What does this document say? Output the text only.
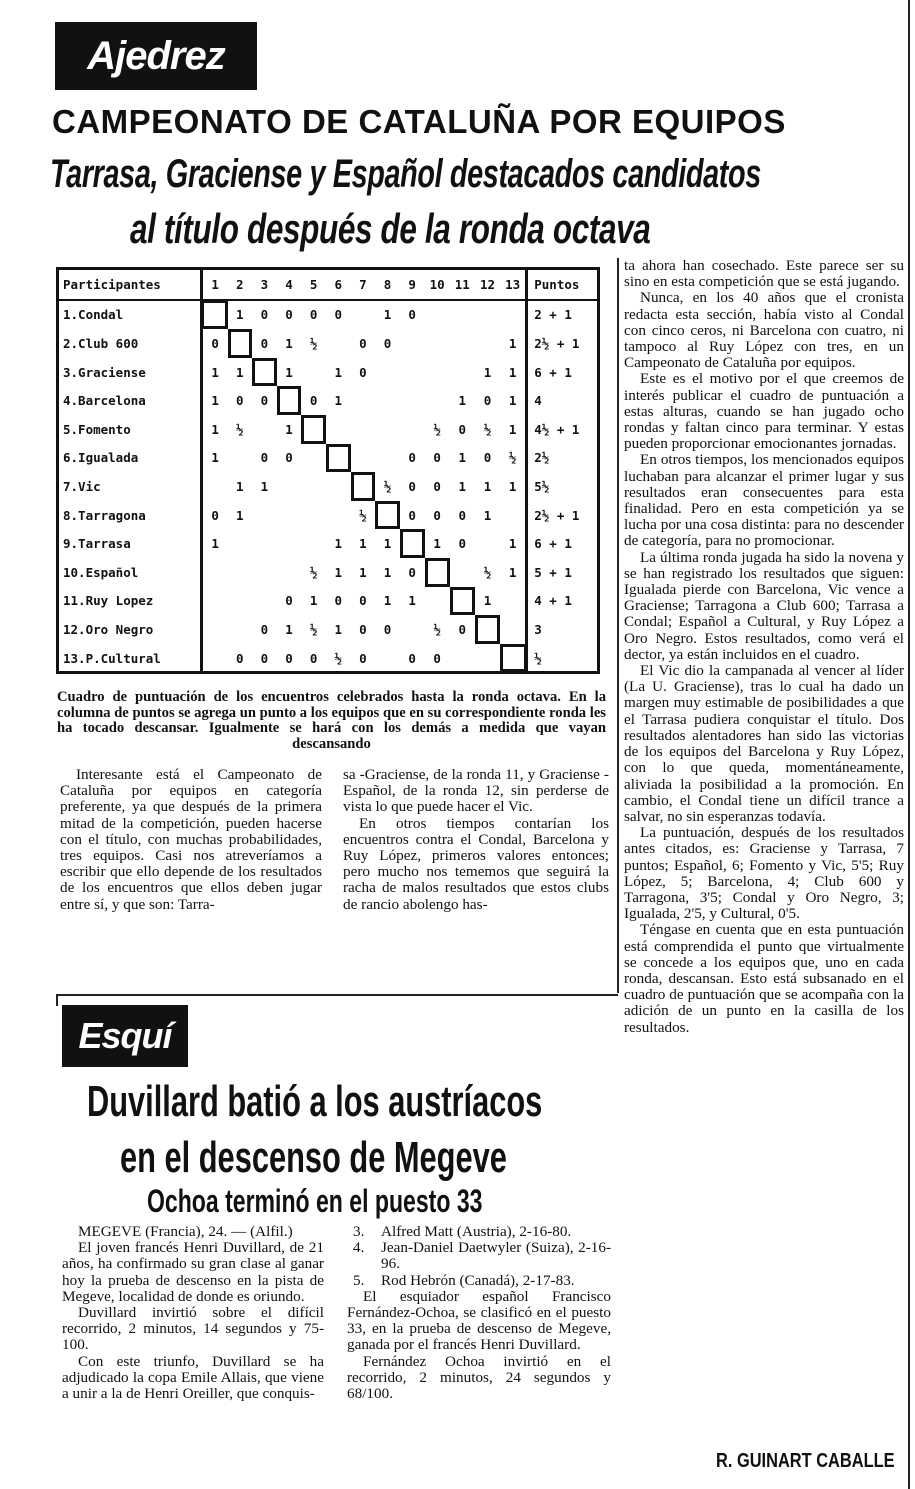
Ajedrez
CAMPEONATO DE CATALUÑA POR EQUIPOS
Tarrasa, Graciense y Español destacados candidatos
al título después de la ronda octava
Participantes	1	2	3	4	5	6	7	8	9	10	11	12	13	Puntos
1.Condal		1	0	0	0	0		1	0					2 + 1
2.Club 600	0		0	1	½		0	0					1	2½ + 1
3.Graciense	1	1		1		1	0					1	1	6 + 1
4.Barcelona	1	0	0		0	1					1	0	1	4
5.Fomento	1	½		1						½	0	½	1	4½ + 1
6.Igualada	1		0	0					0	0	1	0	½	2½
7.Vic		1	1					½	0	0	1	1	1	5½
8.Tarragona	0	1					½		0	0	0	1		2½ + 1
9.Tarrasa	1					1	1	1		1	0		1	6 + 1
10.Español					½	1	1	1	0			½	1	5 + 1
11.Ruy Lopez				0	1	0	0	1	1			1		4 + 1
12.Oro Negro			0	1	½	1	0	0		½	0			3
13.P.Cultural		0	0	0	0	½	0		0	0				½
Cuadro de puntuación de los encuentros celebrados hasta la ronda octava. En la columna de puntos se agrega un punto a los equipos que en su correspondiente ronda les ha tocado descansar. Igualmente se hará con los demás a medida que vayan descansando

Interesante está el Campeonato de Cataluña por equipos en categoría preferente, ya que después de la primera mitad de la competición, pueden hacerse con el título, con muchas probabilidades, tres equipos. Casi nos atreveríamos a escribir que ello depende de los resultados de los encuentros que ellos deben jugar entre sí, y que son: Tarra-

sa -Graciense, de la ronda 11, y Graciense - Español, de la ronda 12, sin perderse de vista lo que puede hacer el Vic.

En otros tiempos contarían los encuentros contra el Condal, Barcelona y Ruy López, primeros valores entonces; pero mucho nos tememos que seguirá la racha de malos resultados que estos clubs de rancio abolengo has-

ta ahora han cosechado. Este parece ser su sino en esta competición que se está jugando.

Nunca, en los 40 años que el cronista redacta esta sección, había visto al Condal con cinco ceros, ni Barcelona con cuatro, ni tampoco al Ruy López con tres, en un Campeonato de Cataluña por equipos.

Este es el motivo por el que creemos de interés publicar el cuadro de puntuación a estas alturas, cuando se han jugado ocho rondas y faltan cinco para terminar. Y estas pueden proporcionar emocionantes jornadas.

En otros tiempos, los mencionados equipos luchaban para alcanzar el primer lugar y sus resultados eran consecuentes para esta finalidad. Pero en esta competición ya se lucha por una cosa distinta: para no descender de categoría, para no promocionar.

La última ronda jugada ha sido la novena y se han registrado los resultados que siguen: Igualada pierde con Barcelona, Vic vence a Graciense; Tarragona a Club 600; Tarrasa a Condal; Español a Cultural, y Ruy López a Oro Negro. Estos resultados, como verá el dector, ya están incluidos en el cuadro.

El Vic dio la campanada al vencer al líder (La U. Graciense), tras lo cual ha dado un margen muy estimable de posibilidades a que el Tarrasa pudiera conquistar el título. Dos resultados alentadores han sido las victorias de los equipos del Barcelona y Ruy López, con lo que queda, momentáneamente, aliviada la posibilidad a la promoción. En cambio, el Condal tiene un difícil trance a salvar, no sin esperanzas todavía.

La puntuación, después de los resultados antes citados, es: Graciense y Tarrasa, 7 puntos; Español, 6; Fomento y Vic, 5'5; Ruy López, 5; Barcelona, 4; Club 600 y Tarragona, 3'5; Condal y Oro Negro, 3; Igualada, 2'5, y Cultural, 0'5.

Téngase en cuenta que en esta puntuación está comprendida el punto que virtualmente se concede a los equipos que, uno en cada ronda, descansan. Esto está subsanado en el cuadro de puntuación que se acompaña con la adición de un punto en la casilla de los resultados.

R. GUINART CABALLE
Esquí
Duvillard batió a los austríacos
en el descenso de Megeve
Ochoa terminó en el puesto 33

MEGEVE (Francia), 24. — (Alfil.)

El joven francés Henri Duvillard, de 21 años, ha confirmado su gran clase al ganar hoy la prueba de descenso en la pista de Megeve, localidad de donde es oriundo.

Duvillard invirtió sobre el difícil recorrido, 2 minutos, 14 segundos y 75-100.

Con este triunfo, Duvillard se ha adjudicado la copa Emile Allais, que viene a unir a la de Henri Oreiller, que conquis-

3.	Alfred Matt (Austria), 2-16-80.
4.	Jean-Daniel Daetwyler (Suiza), 2-16-96.
5.	Rod Hebrón (Canadá), 2-17-83.

El esquiador español Francisco Fernández-Ochoa, se clasificó en el puesto 33, en la prueba de descenso de Megeve, ganada por el francés Henri Duvillard.

Fernández Ochoa invirtió en el recorrido, 2 minutos, 24 segundos y 68/100.
